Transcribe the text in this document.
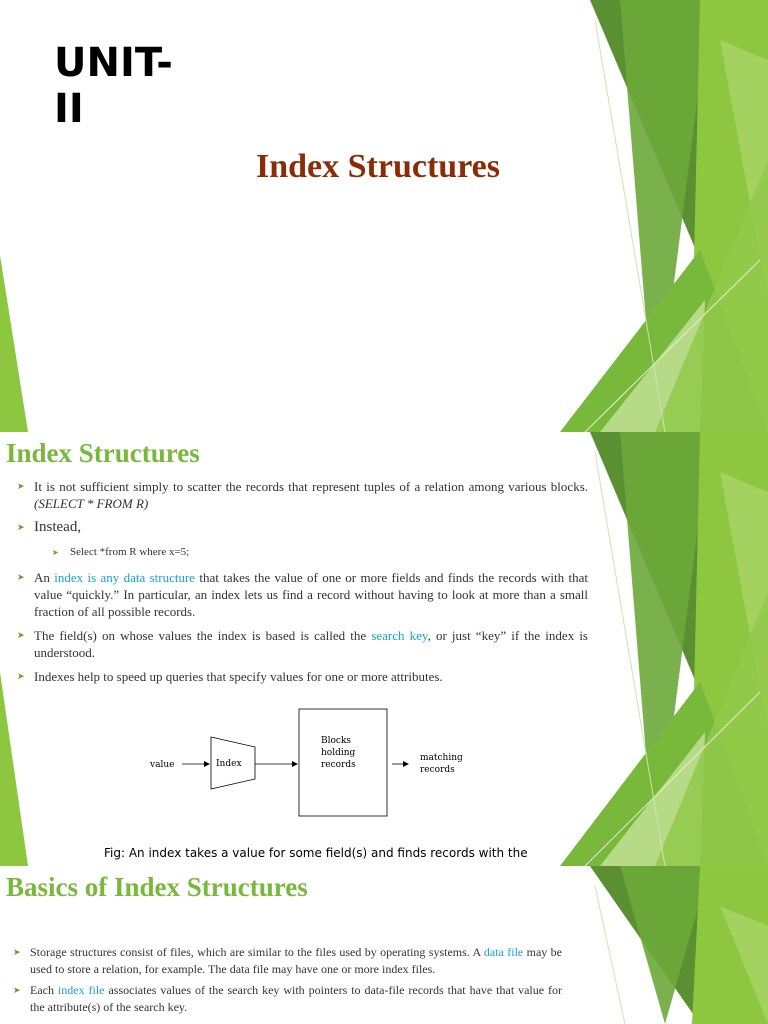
UNIT-
II
Index Structures
Index Structures
➤ It is not sufficient simply to scatter the records that represent tuples of a relation among various blocks. (SELECT * FROM R)
➤ Instead,
➤ Select *from R where x=5;
➤ An index is any data structure that takes the value of one or more fields and finds the records with that value “quickly.” In particular, an index lets us find a record without having to look at more than a small fraction of all possible records.
➤ The field(s) on whose values the index is based is called the search key, or just “key” if the index is understood.
➤ Indexes help to speed up queries that specify values for one or more attributes.
value	Index
Blocks
holding
records
matching
records
Fig: An index takes a value for some field(s) and finds records with the
Basics of Index Structures
➤ Storage structures consist of files, which are similar to the files used by operating systems. A data file may be used to store a relation, for example. The data file may have one or more index files.
➤ Each index file associates values of the search key with pointers to data-file records that have that value for the attribute(s) of the search key.
